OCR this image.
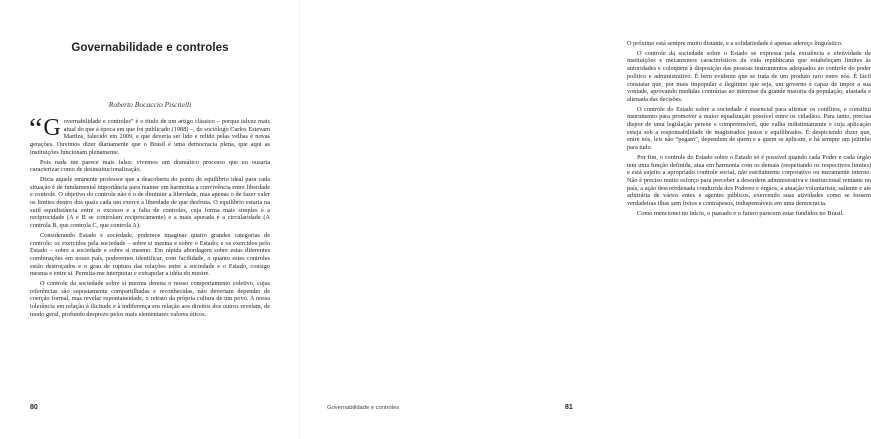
Governabilidade e controles
Roberto Bocaccio Piscitelli

“ G overnabilidade e controles” é o título de um artigo clássico – porque talvez mais atual do que à época em que foi publicado (1988) –, do sociólogo Carlos Estevam Martins, falecido em 2009, e que deveria ser lido e relido pelas velhas e novas gerações. Ouvimos dizer diariamente que o Brasil é uma democracia plena, que aqui as instituições funcionam plenamente.

Pois nada me parece mais falso: vivemos um dramático processo que eu ousaria caracterizar como de desinstitucionalização.

Dizia aquele eminente professor que a deacoberta do ponto de equilíbrio ideal para cada situação é de fundamental importância para manter em harmonia a convivência entre liberdade e controle. O objetivo do controle não é o de diminuir a liberdade, mas apenas o de fazer valer os limites dentro dos quais cada um exerce a liberdade de que desfruta. O equilíbrio estaria na sutil equidistância entre o excesso e a falta de controles, cuja forma mais simples é a reciprocidade (A e B se controlam reciprocamente) e a mais apurada é a circularidade (A controla B, que controla C, que controla A).

Considerando Estado e sociedade, podemos imaginar quatro grandes categorias de controle: os exercidos pela sociedade – sobre si mesma e sobre o Estado; e os exercidos pelo Estado – sobre a sociedade e sobre si mesmo. Em rápida abordagem sobre estas diferentes combinações em nosso país, poderemos identificar, com facilidade, o quanto estes controles estão destroçados e o grau de ruptura das relações entre a sociedade e o Estado, consigo mesma e entre si. Permita-me interpretar e extrapolar a idéia do mestre.

O controle da sociedade sobre si mesma denota o nosso comportamento coletivo, cujas referências são supostamente compartilhadas e reconhecidas, não deveriam depender de coerção formal, mas revelar espontaneidade, o retrato da própria cultura de um povo. A nossa tolerância em relação à ilicitude e à indiferença em relação aos direitos dos outros revelam, de modo geral, profundo desprezo pelos mais elementares valores éticos.

80

O próximo está sempre muito distante, e a solidariedade é apenas adereço linguístico.

O controle da sociedade sobre o Estado se expressa pela existência e efetividade de instituições e mecanismos característicos da vida republicana que estabeleçam limites às autoridades e coloquem à disposição das pessoas instrumentos adequados ao controle do poder político e administrativo. É bem evidente que se trata de um produto raro entre nós. É fácil constatar que, por mais impopular e ilegítimo que seja, um governo é capaz de impor a sua vontade, aprovando medidas contrárias ao interesse da grande maioria da população, afastada e alienada das decisões.

O controle do Estado sobre a sociedade é essencial para afirmar os conflitos, e constitui instrumento para promover a maior equalização possível entre os cidadãos. Para tanto, precisa dispor de uma legislação perene e compreensível, que valha indistintamente e cuja aplicação esteja sob a responsabilidade de magistrados justos e equilibrados. É despiciendo dizer que, entre nós, leis não “pegam”, dependem de quem e a quem se aplicam, e há sempre um jeitinho para tudo.

Por fim, o controle do Estado sobre o Estado só é possível quando cada Poder e cada órgão tem uma função definida, atua em harmonia com os demais (respeitando os respectivos limites) e está sujeito a apropriado controle social, não estritamente corporativo ou meramente interno. Não é preciso muito esforço para perceber a desordem administrativa e institucional reinante no país, a ação descoordenada conduzida dos Poderes e órgãos, a atuação voluntarista, saliente e até arbitrária de vários entes e agentes públicos, exercendo suas atividades como se fossem verdadeiras ilhas sem freios e contrapesos, indispensáveis em uma democracia.

Como mencionei no início, o passado e o futuro parecem estar fundidos no Brasil.

Governabilidade e controles	81
